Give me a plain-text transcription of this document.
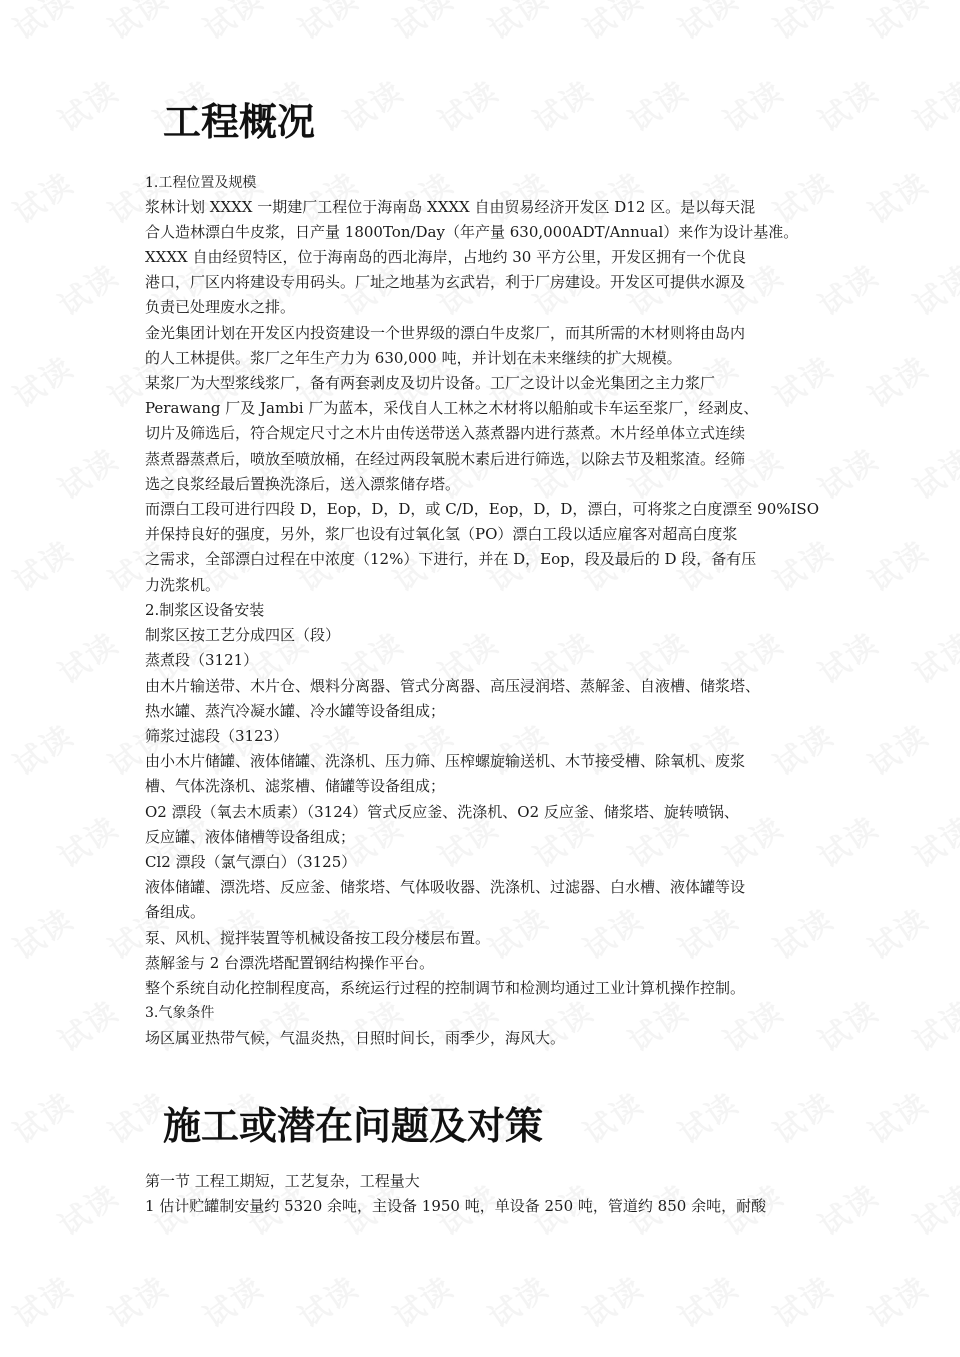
工程概况
1.工程位置及规模
浆林计划 XXXX 一期建厂工程位于海南岛 XXXX 自由贸易经济开发区 D12 区。是以每天混
合人造林漂白牛皮浆，日产量 1800Ton/Day（年产量 630,000ADT/Annual）来作为设计基准。
XXXX 自由经贸特区，位于海南岛的西北海岸，占地约 30 平方公里，开发区拥有一个优良
港口，厂区内将建设专用码头。厂址之地基为玄武岩，利于厂房建设。开发区可提供水源及
负责已处理废水之排。
金光集团计划在开发区内投资建设一个世界级的漂白牛皮浆厂，而其所需的木材则将由岛内
的人工林提供。浆厂之年生产力为 630,000 吨，并计划在未来继续的扩大规模。
某浆厂为大型浆线浆厂，备有两套剥皮及切片设备。工厂之设计以金光集团之主力浆厂
Perawang 厂及 Jambi 厂为蓝本，采伐自人工林之木材将以船舶或卡车运至浆厂，经剥皮、
切片及筛选后，符合规定尺寸之木片由传送带送入蒸煮器内进行蒸煮。木片经单体立式连续
蒸煮器蒸煮后，喷放至喷放桶，在经过两段氧脱木素后进行筛选，以除去节及粗浆渣。经筛
选之良浆经最后置换洗涤后，送入漂浆储存塔。
而漂白工段可进行四段 D，Eop，D，D，或 C/D，Eop，D，D，漂白，可将浆之白度漂至 90%ISO
并保持良好的强度，另外，浆厂也设有过氧化氢（PO）漂白工段以适应雇客对超高白度浆
之需求，全部漂白过程在中浓度（12%）下进行，并在 D，Eop，段及最后的 D 段，备有压
力洗浆机。
2.制浆区设备安装
制浆区按工艺分成四区（段）
蒸煮段（3121）
由木片输送带、木片仓、煨料分离器、管式分离器、高压浸润塔、蒸解釜、自液槽、储浆塔、
热水罐、蒸汽冷凝水罐、冷水罐等设备组成；
筛浆过滤段（3123）
由小木片储罐、液体储罐、洗涤机、压力筛、压榨螺旋输送机、木节接受槽、除氧机、废浆
槽、气体洗涤机、滤浆槽、储罐等设备组成；
O2 漂段（氧去木质素）（3124）管式反应釜、洗涤机、O2 反应釜、储浆塔、旋转喷锅、
反应罐、液体储槽等设备组成；
Cl2 漂段（氯气漂白）（3125）
液体储罐、漂洗塔、反应釜、储浆塔、气体吸收器、洗涤机、过滤器、白水槽、液体罐等设
备组成。
泵、风机、搅拌装置等机械设备按工段分楼层布置。
蒸解釜与 2 台漂洗塔配置钢结构操作平台。
整个系统自动化控制程度高，系统运行过程的控制调节和检测均通过工业计算机操作控制。
3.气象条件
场区属亚热带气候，气温炎热，日照时间长，雨季少，海风大。
施工或潜在问题及对策
第一节 工程工期短，工艺复杂，工程量大
1 估计贮罐制安量约 5320 余吨，主设备 1950 吨，单设备 250 吨，管道约 850 余吨，耐酸
